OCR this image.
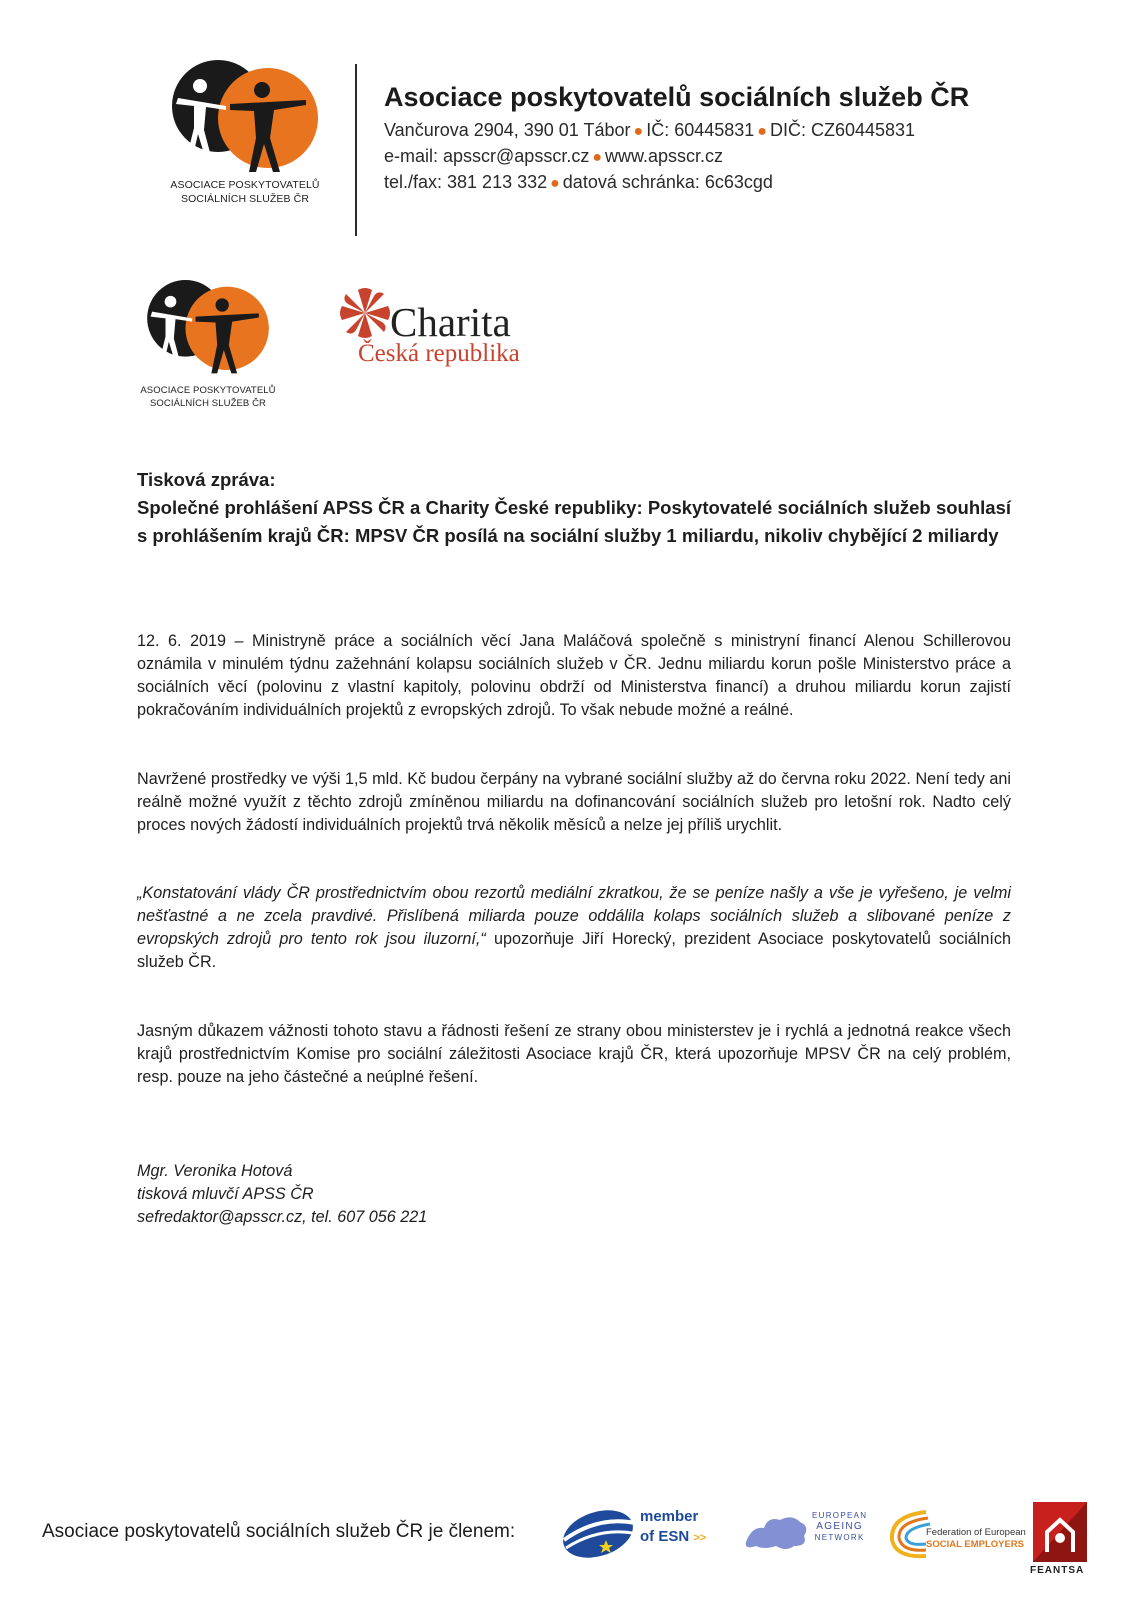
ASOCIACE POSKYTOVATELŮ
SOCIÁLNÍCH SLUŽEB ČR
Asociace poskytovatelů sociálních služeb ČR
Vančurova 2904, 390 01 Tábor ● IČ: 60445831 ● DIČ: CZ60445831
e-mail: apsscr@apsscr.cz ● www.apsscr.cz
tel./fax: 381 213 332 ● datová schránka: 6c63cgd
ASOCIACE POSKYTOVATELŮ
SOCIÁLNÍCH SLUŽEB ČR
Charita
Česká republika
Tisková zpráva:
Společné prohlášení APSS ČR a Charity České republiky: Poskytovatelé sociálních služeb souhlasí s prohlášením krajů ČR: MPSV ČR posílá na sociální služby 1 miliardu, nikoliv chybějící 2 miliardy
12. 6. 2019 – Ministryně práce a sociálních věcí Jana Maláčová společně s ministryní financí Alenou Schillerovou oznámila v minulém týdnu zažehnání kolapsu sociálních služeb v ČR. Jednu miliardu korun pošle Ministerstvo práce a sociálních věcí (polovinu z vlastní kapitoly, polovinu obdrží od Ministerstva financí) a druhou miliardu korun zajistí pokračováním individuálních projektů z evropských zdrojů. To však nebude možné a reálné.
Navržené prostředky ve výši 1,5 mld. Kč budou čerpány na vybrané sociální služby až do června roku 2022. Není tedy ani reálně možné využít z těchto zdrojů zmíněnou miliardu na dofinancování sociálních služeb pro letošní rok. Nadto celý proces nových žádostí individuálních projektů trvá několik měsíců a nelze jej příliš urychlit.
„Konstatování vlády ČR prostřednictvím obou rezortů mediální zkratkou, že se peníze našly a vše je vyřešeno, je velmi nešťastné a ne zcela pravdivé. Přislíbená miliarda pouze oddálila kolaps sociálních služeb a slibované peníze z evropských zdrojů pro tento rok jsou iluzorní,“ upozorňuje Jiří Horecký, prezident Asociace poskytovatelů sociálních služeb ČR.
Jasným důkazem vážnosti tohoto stavu a řádnosti řešení ze strany obou ministerstev je i rychlá a jednotná reakce všech krajů prostřednictvím Komise pro sociální záležitosti Asociace krajů ČR, která upozorňuje MPSV ČR na celý problém, resp. pouze na jeho částečné a neúplné řešení.
Mgr. Veronika Hotová
tisková mluvčí APSS ČR
sefredaktor@apsscr.cz, tel. 607 056 221
Asociace poskytovatelů sociálních služeb ČR je členem:
member
of ESN >>
EUROPEAN
AGEING
NETWORK	Federation of European
SOCIAL EMPLOYERS
FEANTSA
